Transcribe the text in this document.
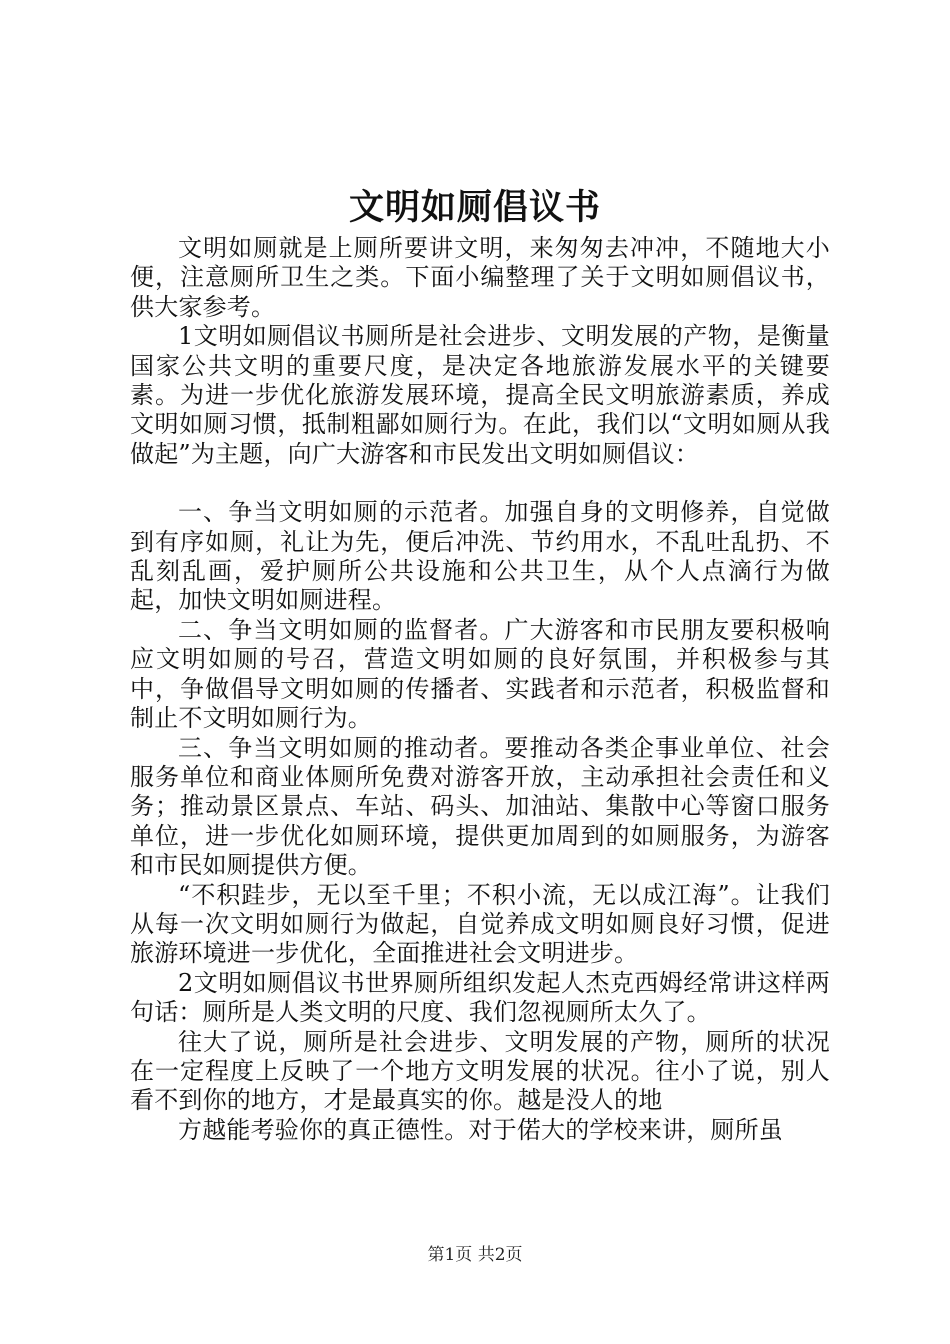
文明如厕倡议书

文明如厕就是上厕所要讲文明，来匆匆去冲冲，不随地大小便，注意厕所卫生之类。下面小编整理了关于文明如厕倡议书，供大家参考。

1文明如厕倡议书厕所是社会进步、文明发展的产物，是衡量国家公共文明的重要尺度，是决定各地旅游发展水平的关键要素。为进一步优化旅游发展环境，提高全民文明旅游素质，养成文明如厕习惯，抵制粗鄙如厕行为。在此，我们以“文明如厕从我做起”为主题，向广大游客和市民发出文明如厕倡议：

一、争当文明如厕的示范者。加强自身的文明修养，自觉做到有序如厕，礼让为先，便后冲洗、节约用水，不乱吐乱扔、不乱刻乱画，爱护厕所公共设施和公共卫生，从个人点滴行为做起，加快文明如厕进程。

二、争当文明如厕的监督者。广大游客和市民朋友要积极响应文明如厕的号召，营造文明如厕的良好氛围，并积极参与其中，争做倡导文明如厕的传播者、实践者和示范者，积极监督和制止不文明如厕行为。

三、争当文明如厕的推动者。要推动各类企事业单位、社会服务单位和商业体厕所免费对游客开放，主动承担社会责任和义务；推动景区景点、车站、码头、加油站、集散中心等窗口服务单位，进一步优化如厕环境，提供更加周到的如厕服务，为游客和市民如厕提供方便。

“不积跬步，无以至千里；不积小流，无以成江海”。让我们从每一次文明如厕行为做起，自觉养成文明如厕良好习惯，促进旅游环境进一步优化，全面推进社会文明进步。

2文明如厕倡议书世界厕所组织发起人杰克西姆经常讲这样两句话：厕所是人类文明的尺度、我们忽视厕所太久了。

往大了说，厕所是社会进步、文明发展的产物，厕所的状况在一定程度上反映了一个地方文明发展的状况。往小了说，别人看不到你的地方，才是最真实的你。越是没人的地

方越能考验你的真正德性。对于偌大的学校来讲，厕所虽

第1页 共2页
